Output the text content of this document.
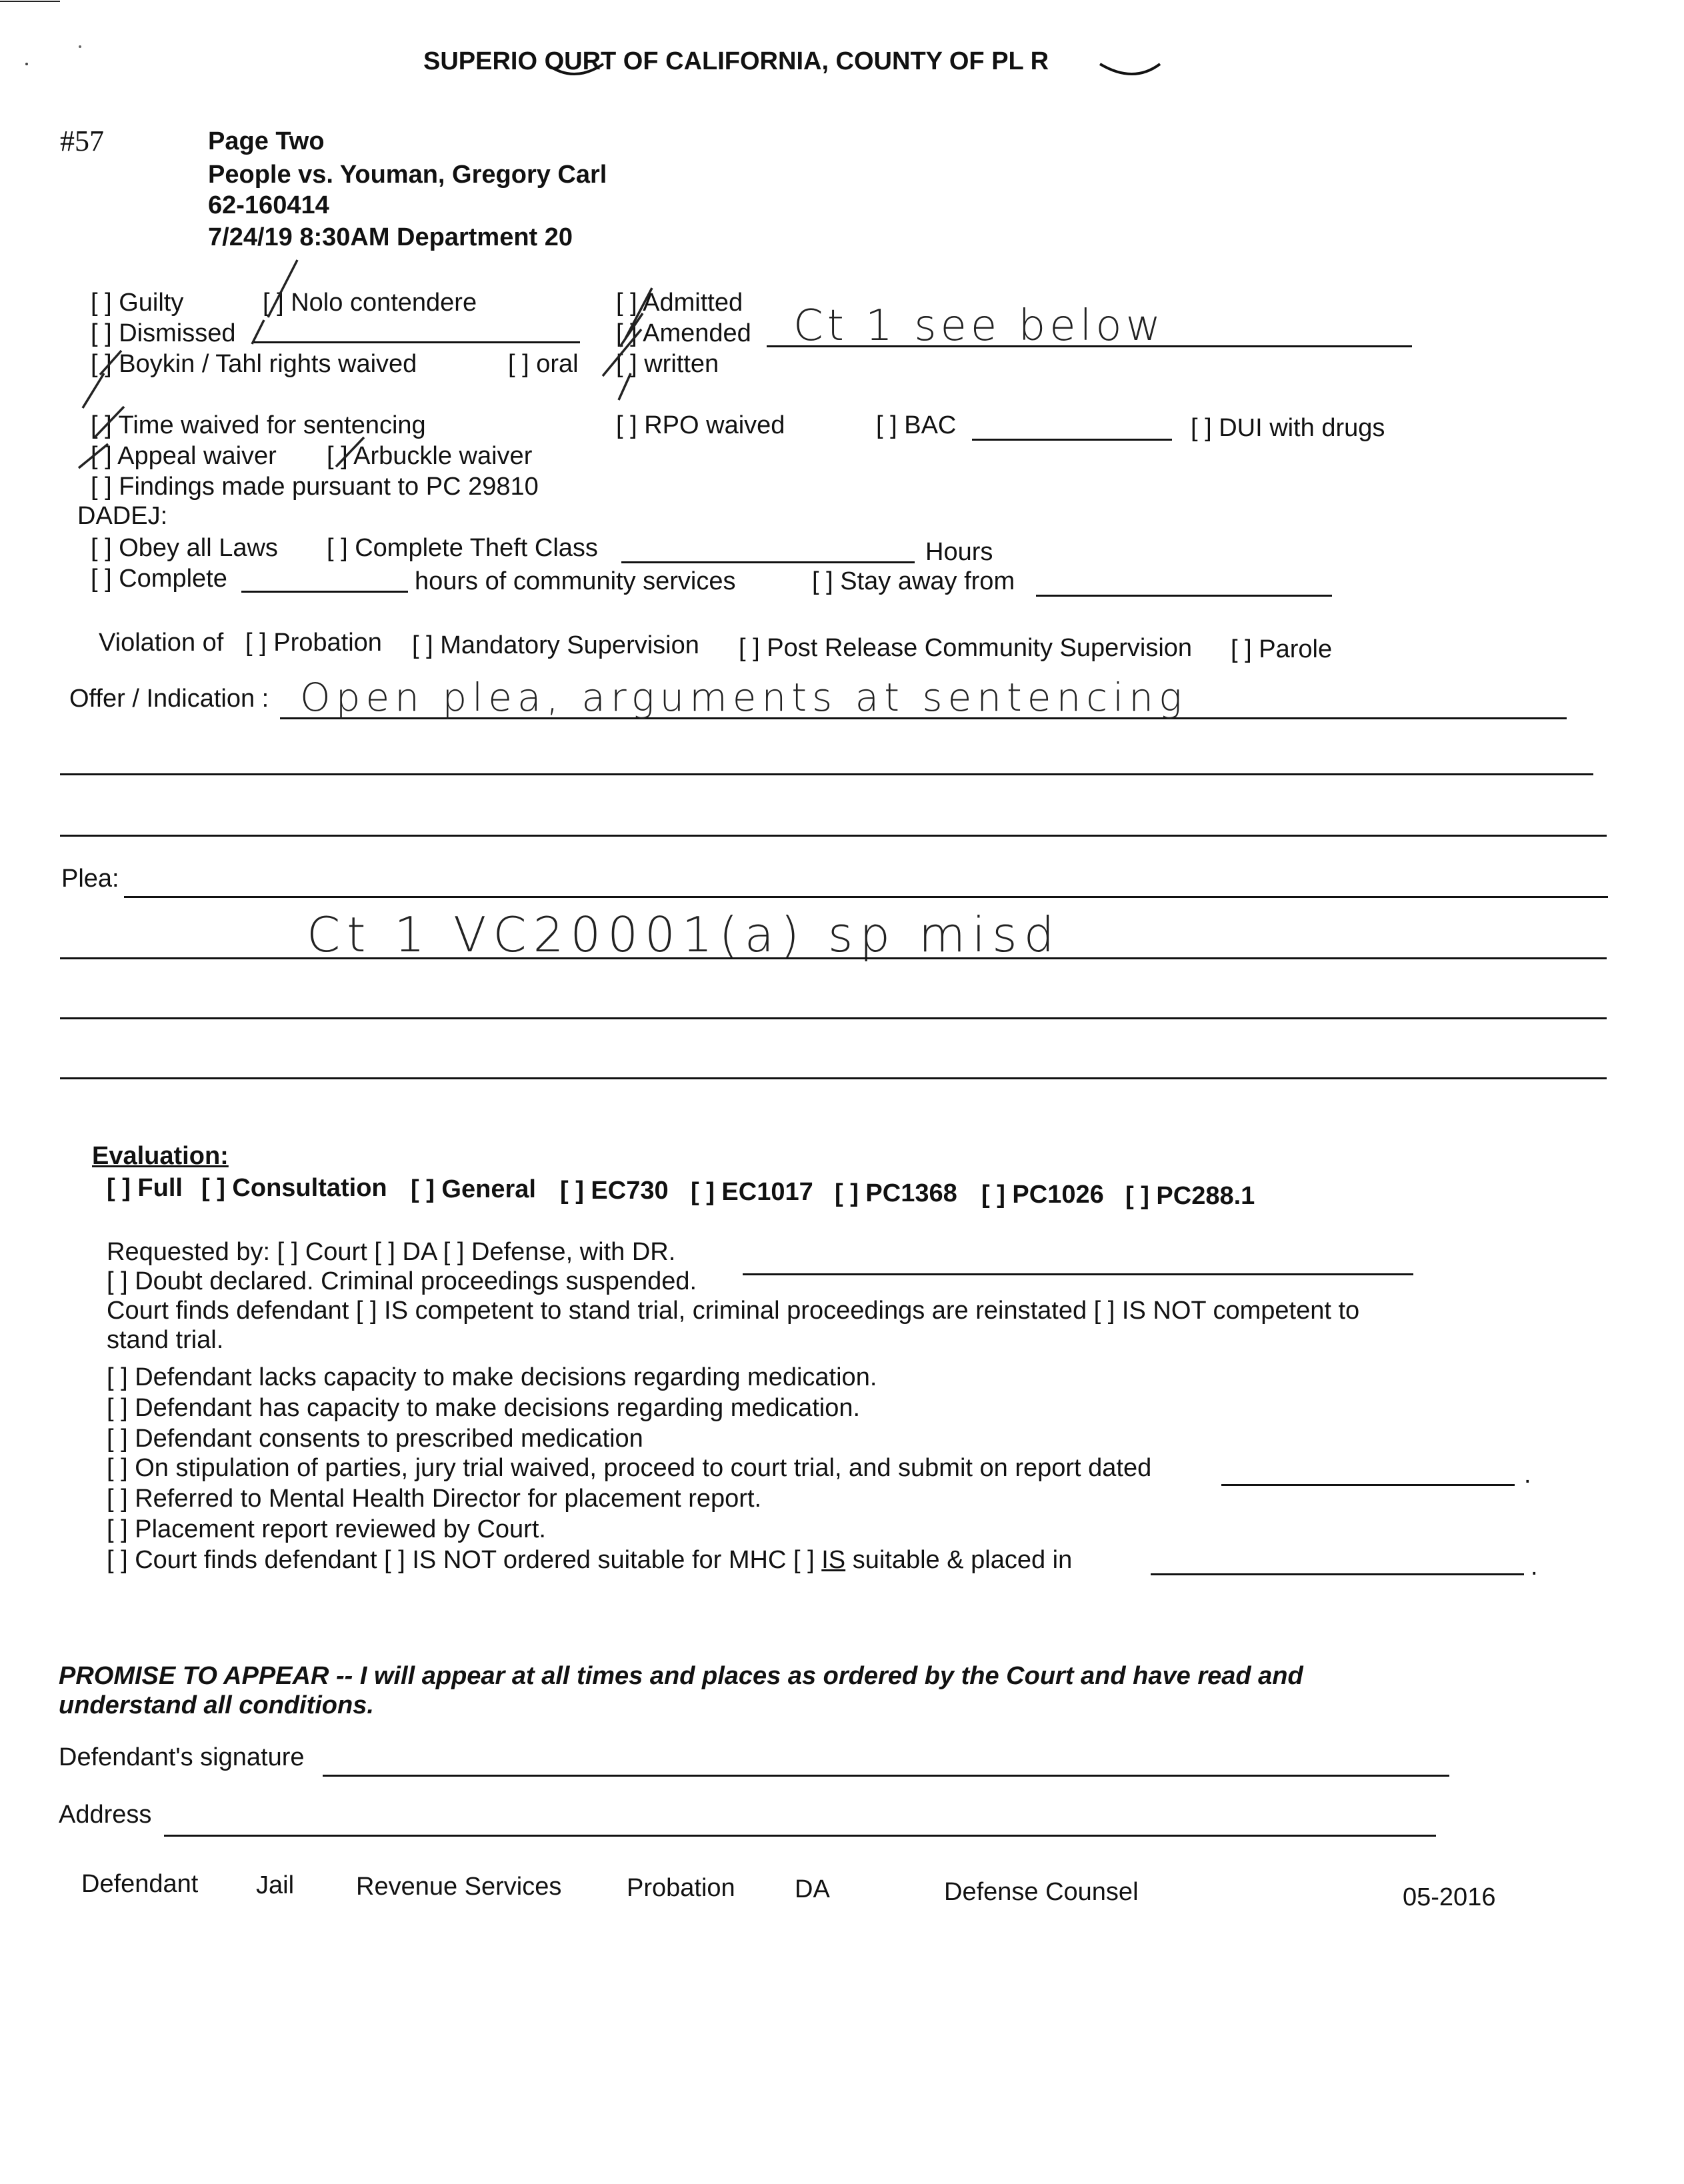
SUPERIO OURT OF CALIFORNIA, COUNTY OF PL R
#57	Page Two
People vs. Youman, Gregory Carl
62-160414
7/24/19 8:30AM Department 20
[ ] Guilty	[ ] Nolo contendere
[ ] Dismissed
[ ] Boykin / Tahl rights waived	[ ] oral
[ ] Admitted
[ ] Amended
[ ] written
Ct 1 see below
[ ] Time waived for sentencing
[ ] Appeal waiver [ ] Arbuckle waiver
[ ] Findings made pursuant to PC 29810
[ ] RPO waived	[ ] BAC	[ ] DUI with drugs
DADEJ:
[ ] Obey all Laws [ ] Complete Theft Class	Hours
[ ] Complete	hours of community services	[ ] Stay away from
Violation of [ ] Probation [ ] Mandatory Supervision [ ] Post Release Community Supervision [ ] Parole
Offer / Indication : Open plea, arguments at sentencing
Plea:
Ct 1 VC20001(a) sp misd
Evaluation:
[ ] Full [ ] Consultation [ ] General [ ] EC730 [ ] EC1017 [ ] PC1368 [ ] PC1026 [ ] PC288.1
Requested by: [ ] Court [ ] DA [ ] Defense, with DR.
[ ] Doubt declared. Criminal proceedings suspended.
Court finds defendant [ ] IS competent to stand trial, criminal proceedings are reinstated [ ] IS NOT competent to
stand trial.
[ ] Defendant lacks capacity to make decisions regarding medication.
[ ] Defendant has capacity to make decisions regarding medication.
[ ] Defendant consents to prescribed medication
[ ] On stipulation of parties, jury trial waived, proceed to court trial, and submit on report dated	.
[ ] Referred to Mental Health Director for placement report.
[ ] Placement report reviewed by Court.
[ ] Court finds defendant [ ] IS NOT ordered suitable for MHC [ ] IS suitable & placed in	.
PROMISE TO APPEAR -- I will appear at all times and places as ordered by the Court and have read and
understand all conditions.
Defendant's signature
Address
Defendant Jail Revenue Services	Probation DA	Defense Counsel	05-2016
